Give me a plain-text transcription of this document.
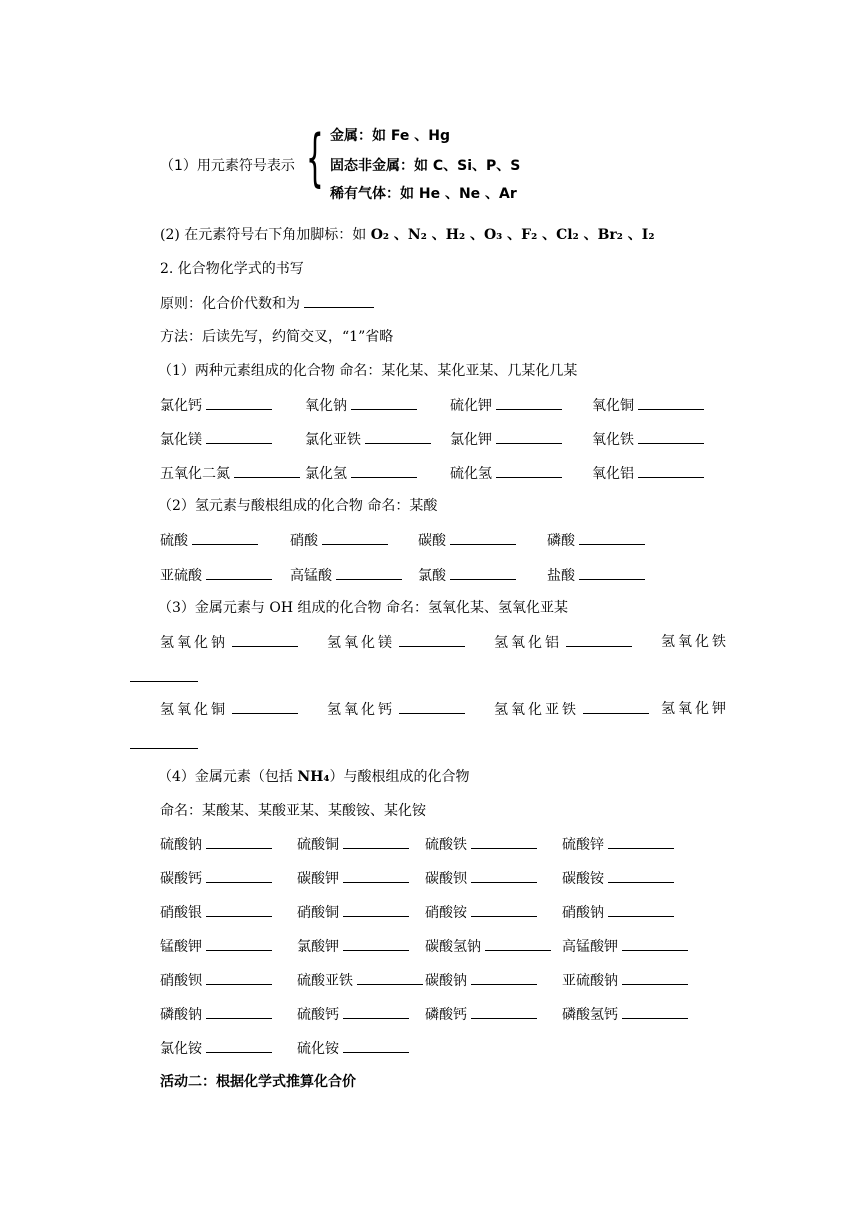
（1）用元素符号表示 { 金属：如 Fe 、Hg
固态非金属：如 C、Si、P、S
稀有气体：如 He 、Ne 、Ar
(2) 在元素符号右下角加脚标：如 O₂ 、N₂ 、H₂ 、O₃ 、F₂ 、Cl₂ 、Br₂ 、I₂
2. 化合物化学式的书写
原则：化合价代数和为
方法：后读先写，约简交叉，“1”省略
（1）两种元素组成的化合物 命名：某化某、某化亚某、几某化几某
氯化钙	氧化钠	硫化钾	氧化铜
氯化镁	氯化亚铁	氯化钾	氧化铁
五氧化二氮	氯化氢	硫化氢	氧化铝
（2）氢元素与酸根组成的化合物 命名：某酸
硫酸	硝酸	碳酸	磷酸
亚硫酸	高锰酸	氯酸	盐酸
（3）金属元素与 OH 组成的化合物 命名：氢氧化某、氢氧化亚某
氢氧化钠	氢氧化镁	氢氧化铝	氢氧化铁
氢氧化铜	氢氧化钙	氢氧化亚铁	氢氧化钾
（4）金属元素（包括 NH₄）与酸根组成的化合物
命名：某酸某、某酸亚某、某酸铵、某化铵
硫酸钠	硫酸铜	硫酸铁	硫酸锌
碳酸钙	碳酸钾	碳酸钡	碳酸铵
硝酸银	硝酸铜	硝酸铵	硝酸钠
锰酸钾	氯酸钾	碳酸氢钠	高锰酸钾
硝酸钡	硫酸亚铁	碳酸钠	亚硫酸钠
磷酸钠	硫酸钙	磷酸钙	磷酸氢钙
氯化铵	硫化铵
活动二：根据化学式推算化合价
